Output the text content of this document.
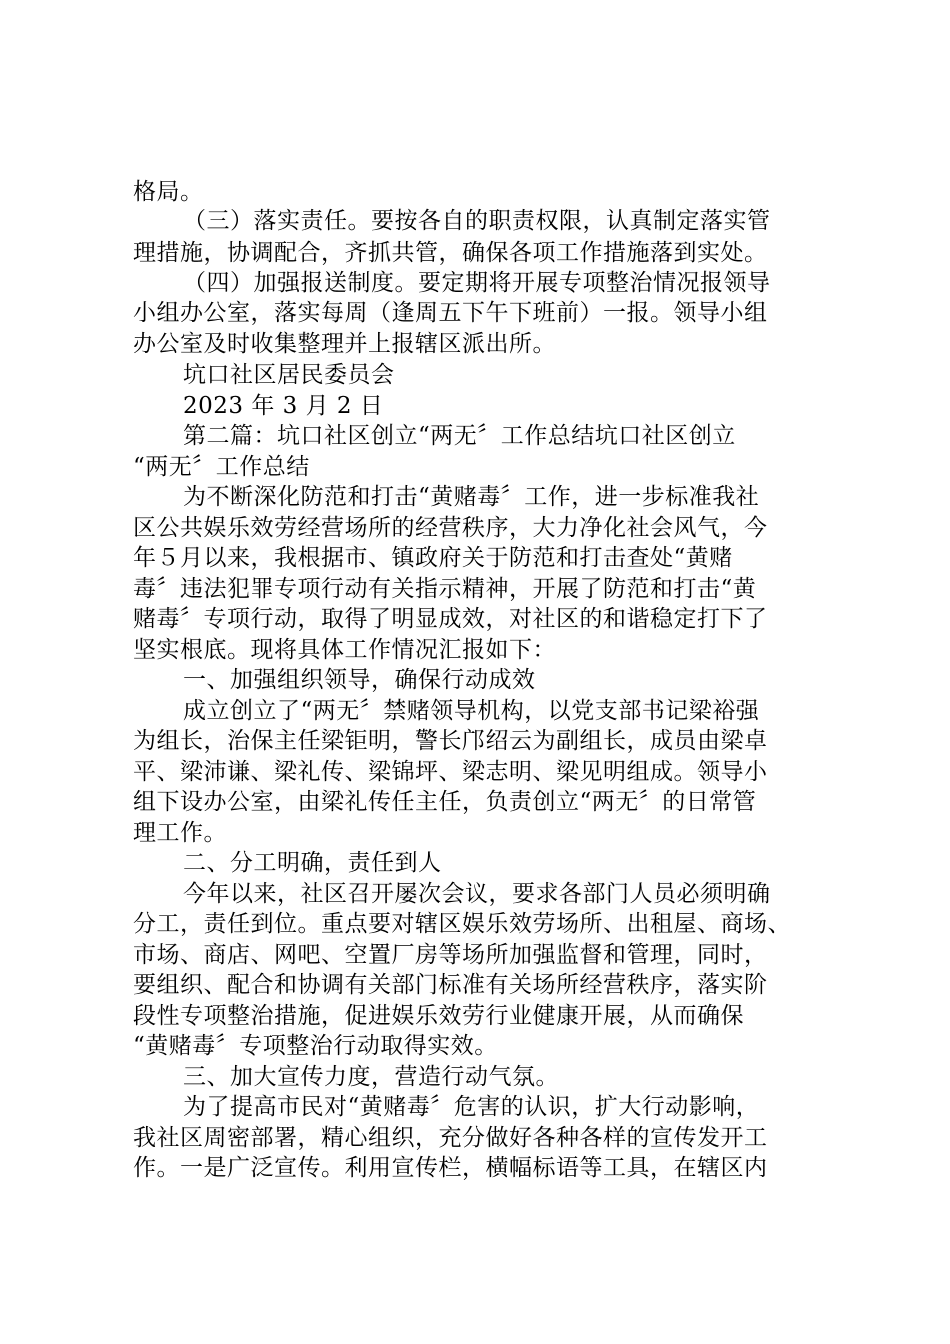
格局。
（三）落实责任。要按各自的职责权限，认真制定落实管
理措施，协调配合，齐抓共管，确保各项工作措施落到实处。
（四）加强报送制度。要定期将开展专项整治情况报领导
小组办公室，落实每周（逢周五下午下班前）一报。领导小组
办公室及时收集整理并上报辖区派出所。
坑口社区居民委员会
2023 年 3 月 2 日
第二篇：坑口社区创立“两无〞工作总结坑口社区创立
“两无〞工作总结
为不断深化防范和打击“黄赌毒〞工作，进一步标准我社
区公共娱乐效劳经营场所的经营秩序，大力净化社会风气，今
年５月以来，我根据市、镇政府关于防范和打击查处“黄赌
毒〞违法犯罪专项行动有关指示精神，开展了防范和打击“黄
赌毒〞专项行动，取得了明显成效，对社区的和谐稳定打下了
坚实根底。现将具体工作情况汇报如下：
一、加强组织领导，确保行动成效
成立创立了“两无〞禁赌领导机构，以党支部书记梁裕强
为组长，治保主任梁钜明，警长邝绍云为副组长，成员由梁卓
平、梁沛谦、梁礼传、梁锦坪、梁志明、梁见明组成。领导小
组下设办公室，由梁礼传任主任，负责创立“两无〞的日常管
理工作。
二、分工明确，责任到人
今年以来，社区召开屡次会议，要求各部门人员必须明确
分工，责任到位。重点要对辖区娱乐效劳场所、出租屋、商场、
市场、商店、网吧、空置厂房等场所加强监督和管理，同时，
要组织、配合和协调有关部门标准有关场所经营秩序，落实阶
段性专项整治措施，促进娱乐效劳行业健康开展，从而确保
“黄赌毒〞专项整治行动取得实效。
三、加大宣传力度，营造行动气氛。
为了提高市民对“黄赌毒〞危害的认识，扩大行动影响，
我社区周密部署，精心组织，充分做好各种各样的宣传发开工
作。一是广泛宣传。利用宣传栏，横幅标语等工具，在辖区内
